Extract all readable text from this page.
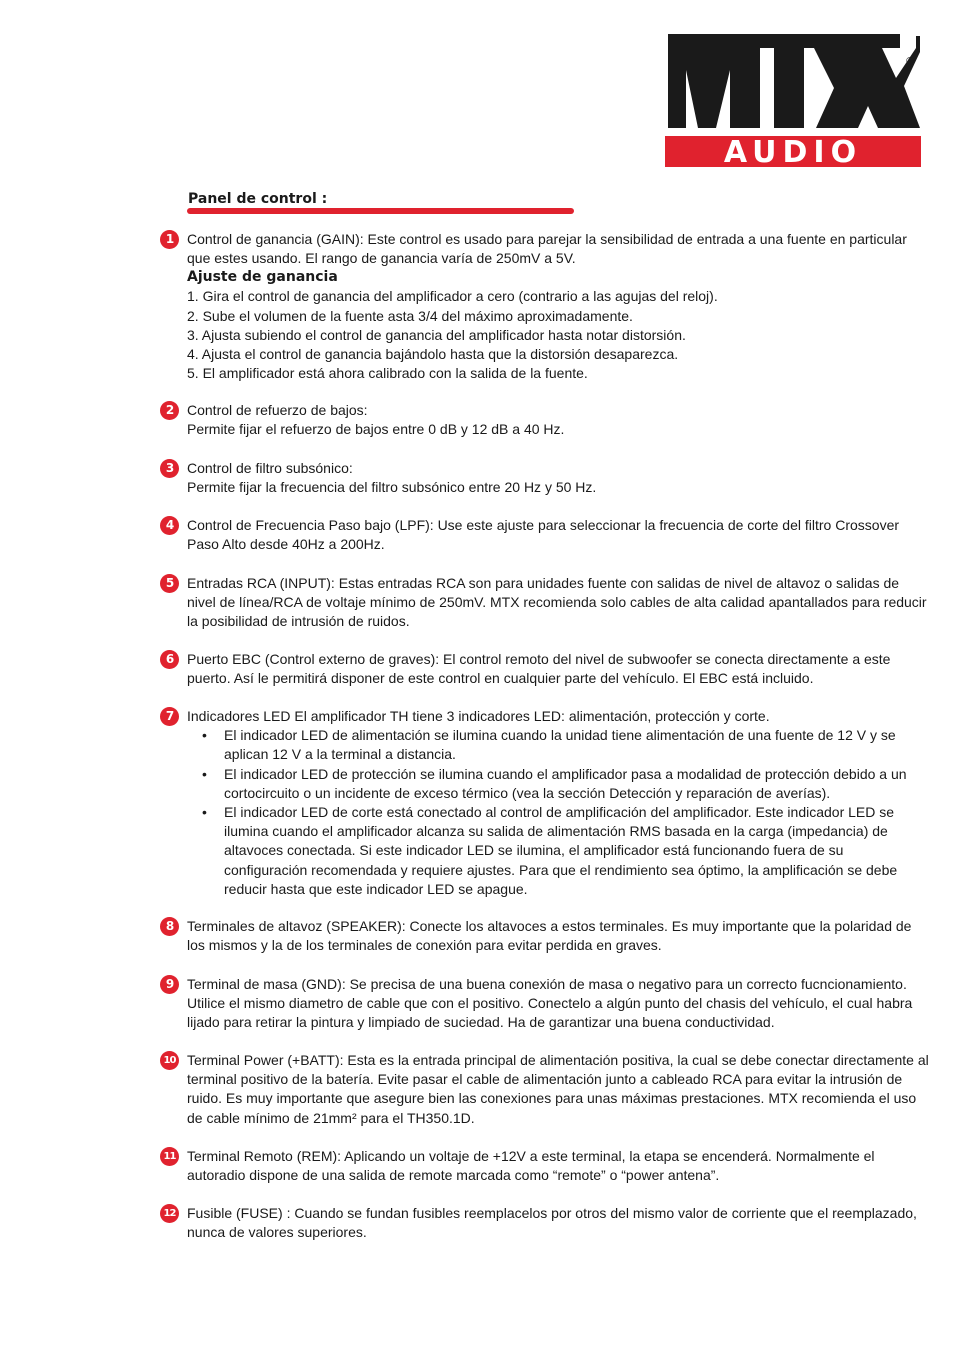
AUDIO
®
Panel de control :
1 Control de ganancia (GAIN): Este control es usado para parejar la sensibilidad de entrada a una fuente en particular que estes usando. El rango de ganancia varía de 250mV a 5V.

Ajuste de ganancia

1. Gira el control de ganancia del amplificador a cero (contrario a las agujas del reloj).

2. Sube el volumen de la fuente asta 3/4 del máximo aproximadamente.

3. Ajusta subiendo el control de ganancia del amplificador hasta notar distorsión.

4. Ajusta el control de ganancia bajándolo hasta que la distorsión desaparezca.

5. El amplificador está ahora calibrado con la salida de la fuente.

2 Control de refuerzo de bajos:

Permite fijar el refuerzo de bajos entre 0 dB y 12 dB a 40 Hz.

3 Control de filtro subsónico:

Permite fijar la frecuencia del filtro subsónico entre 20 Hz y 50 Hz.

4 Control de Frecuencia Paso bajo (LPF): Use este ajuste para seleccionar la frecuencia de corte del filtro Crossover Paso Alto desde 40Hz a 200Hz.

5 Entradas RCA (INPUT): Estas entradas RCA son para unidades fuente con salidas de nivel de altavoz o salidas de nivel de línea/RCA de voltaje mínimo de 250mV. MTX recomienda solo cables de alta calidad apantallados para reducir la posibilidad de intrusión de ruidos.

6 Puerto EBC (Control externo de graves): El control remoto del nivel de subwoofer se conecta directamente a este puerto. Así le permitirá disponer de este control en cualquier parte del vehículo. El EBC está incluido.

7 Indicadores LED El amplificador TH tiene 3 indicadores LED: alimentación, protección y corte.

• El indicador LED de alimentación se ilumina cuando la unidad tiene alimentación de una fuente de 12 V y se aplican 12 V a la terminal a distancia.
• El indicador LED de protección se ilumina cuando el amplificador pasa a modalidad de protección debido a un cortocircuito o un incidente de exceso térmico (vea la sección Detección y reparación de averías).
• El indicador LED de corte está conectado al control de amplificación del amplificador. Este indicador LED se ilumina cuando el amplificador alcanza su salida de alimentación RMS basada en la carga (impedancia) de altavoces conectada. Si este indicador LED se ilumina, el amplificador está funcionando fuera de su configuración recomendada y requiere ajustes. Para que el rendimiento sea óptimo, la amplificación se debe reducir hasta que este indicador LED se apague.
8 Terminales de altavoz (SPEAKER): Conecte los altavoces a estos terminales. Es muy importante que la polaridad de los mismos y la de los terminales de conexión para evitar perdida en graves.

9 Terminal de masa (GND): Se precisa de una buena conexión de masa o negativo para un correcto fucncionamiento. Utilice el mismo diametro de cable que con el positivo. Conectelo a algún punto del chasis del vehículo, el cual habra lijado para retirar la pintura y limpiado de suciedad. Ha de garantizar una buena conductividad.

10 Terminal Power (+BATT): Esta es la entrada principal de alimentación positiva, la cual se debe conectar directamente al terminal positivo de la batería. Evite pasar el cable de alimentación junto a cableado RCA para evitar la intrusión de ruido. Es muy importante que asegure bien las conexiones para unas máximas prestaciones. MTX recomienda el uso de cable mínimo de 21mm² para el TH350.1D.

11 Terminal Remoto (REM): Aplicando un voltaje de +12V a este terminal, la etapa se encenderá. Normalmente el autoradio dispone de una salida de remote marcada como “remote” o “power antena”.

12 Fusible (FUSE) : Cuando se fundan fusibles reemplacelos por otros del mismo valor de corriente que el reemplazado, nunca de valores superiores.
